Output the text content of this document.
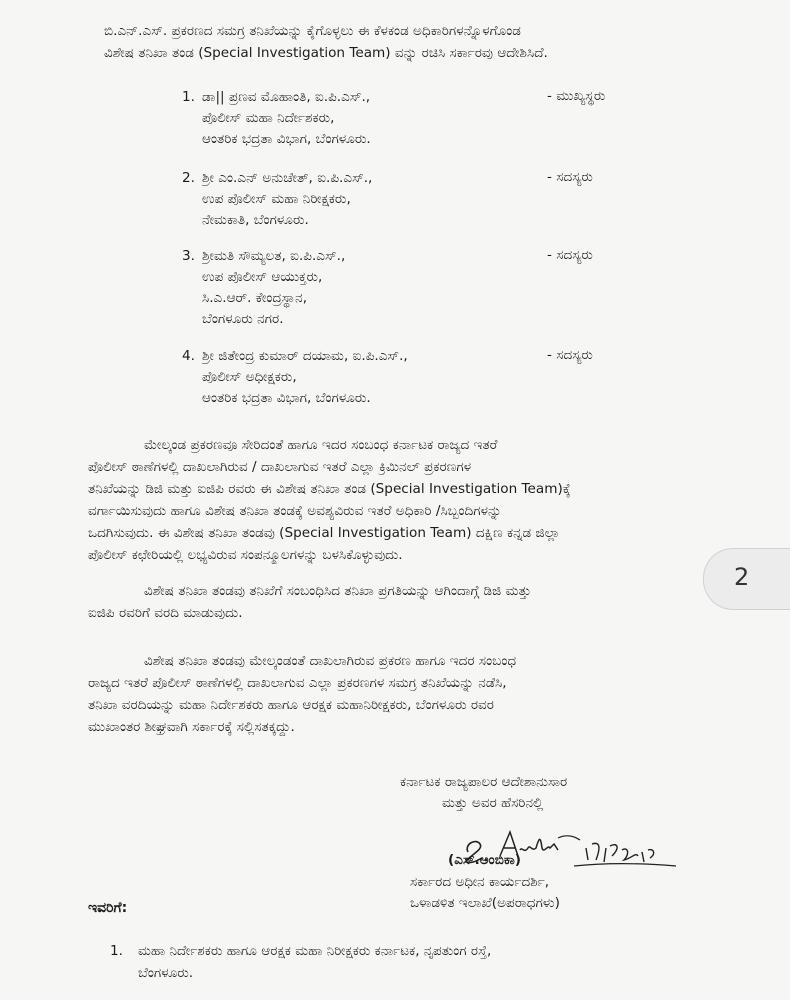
ಬಿ.ಎನ್.ಎಸ್. ಪ್ರಕರಣದ ಸಮಗ್ರ ತನಿಖೆಯನ್ನು ಕೈಗೊಳ್ಳಲು ಈ ಕೆಳಕಂಡ ಅಧಿಕಾರಿಗಳನ್ನೊಳಗೊಂಡ
ವಿಶೇಷ ತನಿಖಾ ತಂಡ (Special Investigation Team) ವನ್ನು ರಚಿಸಿ ಸರ್ಕಾರವು ಆದೇಶಿಸಿದೆ.
1. ಡಾ|| ಪ್ರಣವ ಮೊಹಾಂತಿ, ಐ.ಪಿ.ಎಸ್.,
ಪೊಲೀಸ್ ಮಹಾ ನಿರ್ದೇಶಕರು,
ಆಂತರಿಕ ಭದ್ರತಾ ವಿಭಾಗ, ಬೆಂಗಳೂರು.
- ಮುಖ್ಯಸ್ಥರು
2. ಶ್ರೀ ಎಂ.ಎನ್ ಅನುಚೇತ್, ಐ.ಪಿ.ಎಸ್.,
ಉಪ ಪೊಲೀಸ್ ಮಹಾ ನಿರೀಕ್ಷಕರು,
ನೇಮಕಾತಿ, ಬೆಂಗಳೂರು.
- ಸದಸ್ಯರು
3. ಶ್ರೀಮತಿ ಸೌಮ್ಯಲತ, ಐ.ಪಿ.ಎಸ್.,
ಉಪ ಪೊಲೀಸ್ ಆಯುಕ್ತರು,
ಸಿ.ಎ.ಆರ್. ಕೇಂದ್ರಸ್ಥಾನ,
ಬೆಂಗಳೂರು ನಗರ.
- ಸದಸ್ಯರು
4. ಶ್ರೀ ಜಿತೇಂದ್ರ ಕುಮಾರ್ ದಯಾಮ, ಐ.ಪಿ.ಎಸ್.,
ಪೊಲೀಸ್ ಅಧೀಕ್ಷಕರು,
ಆಂತರಿಕ ಭದ್ರತಾ ವಿಭಾಗ, ಬೆಂಗಳೂರು.
- ಸದಸ್ಯರು
ಮೇಲ್ಕಂಡ ಪ್ರಕರಣವೂ ಸೇರಿದಂತೆ ಹಾಗೂ ಇದರ ಸಂಬಂಧ ಕರ್ನಾಟಕ ರಾಜ್ಯದ ಇತರೆ
ಪೊಲೀಸ್ ಠಾಣೆಗಳಲ್ಲಿ ದಾಖಲಾಗಿರುವ / ದಾಖಲಾಗುವ ಇತರೆ ಎಲ್ಲಾ ಕ್ರಿಮಿನಲ್ ಪ್ರಕರಣಗಳ
ತನಿಖೆಯನ್ನು ಡಿಜಿ ಮತ್ತು ಐಜಿಪಿ ರವರು ಈ ವಿಶೇಷ ತನಿಖಾ ತಂಡ (Special Investigation Team)ಕ್ಕೆ
ವರ್ಗಾಯಿಸುವುದು ಹಾಗೂ ವಿಶೇಷ ತನಿಖಾ ತಂಡಕ್ಕೆ ಅವಶ್ಯವಿರುವ ಇತರೆ ಅಧಿಕಾರಿ /ಸಿಬ್ಬಂದಿಗಳನ್ನು
ಒದಗಿಸುವುದು. ಈ ವಿಶೇಷ ತನಿಖಾ ತಂಡವು (Special Investigation Team) ದಕ್ಷಿಣ ಕನ್ನಡ ಜಿಲ್ಲಾ
ಪೊಲೀಸ್ ಕಛೇರಿಯಲ್ಲಿ ಲಭ್ಯವಿರುವ ಸಂಪನ್ಮೂಲಗಳನ್ನು ಬಳಸಿಕೊಳ್ಳುವುದು.
ವಿಶೇಷ ತನಿಖಾ ತಂಡವು ತನಿಖೆಗೆ ಸಂಬಂಧಿಸಿದ ತನಿಖಾ ಪ್ರಗತಿಯನ್ನು ಆಗಿಂದಾಗ್ಗೆ ಡಿಜಿ ಮತ್ತು
ಐಜಿಪಿ ರವರಿಗೆ ವರದಿ ಮಾಡುವುದು.
ವಿಶೇಷ ತನಿಖಾ ತಂಡವು ಮೇಲ್ಕಂಡಂತೆ ದಾಖಲಾಗಿರುವ ಪ್ರಕರಣ ಹಾಗೂ ಇದರ ಸಂಬಂಧ
ರಾಜ್ಯದ ಇತರೆ ಪೊಲೀಸ್ ಠಾಣೆಗಳಲ್ಲಿ ದಾಖಲಾಗುವ ಎಲ್ಲಾ ಪ್ರಕರಣಗಳ ಸಮಗ್ರ ತನಿಖೆಯನ್ನು ನಡೆಸಿ,
ತನಿಖಾ ವರದಿಯನ್ನು ಮಹಾ ನಿರ್ದೇಶಕರು ಹಾಗೂ ಆರಕ್ಷಕ ಮಹಾನಿರೀಕ್ಷಕರು, ಬೆಂಗಳೂರು ರವರ
ಮುಖಾಂತರ ಶೀಘ್ರವಾಗಿ ಸರ್ಕಾರಕ್ಕೆ ಸಲ್ಲಿಸತಕ್ಕದ್ದು.
2
ಕರ್ನಾಟಕ ರಾಜ್ಯಪಾಲರ ಆದೇಶಾನುಸಾರ
ಮತ್ತು ಅವರ ಹೆಸರಿನಲ್ಲಿ
(ಎಸ್.ಅಂಬಿಕಾ)
ಸರ್ಕಾರದ ಅಧೀನ ಕಾರ್ಯದರ್ಶಿ,
ಒಳಾಡಳಿತ ಇಲಾಖೆ(ಅಪರಾಧಗಳು)
ಇವರಿಗೆ:
1. ಮಹಾ ನಿರ್ದೇಶಕರು ಹಾಗೂ ಆರಕ್ಷಕ ಮಹಾ ನಿರೀಕ್ಷಕರು ಕರ್ನಾಟಕ, ನೃಪತುಂಗ ರಸ್ತೆ,
ಬೆಂಗಳೂರು.
